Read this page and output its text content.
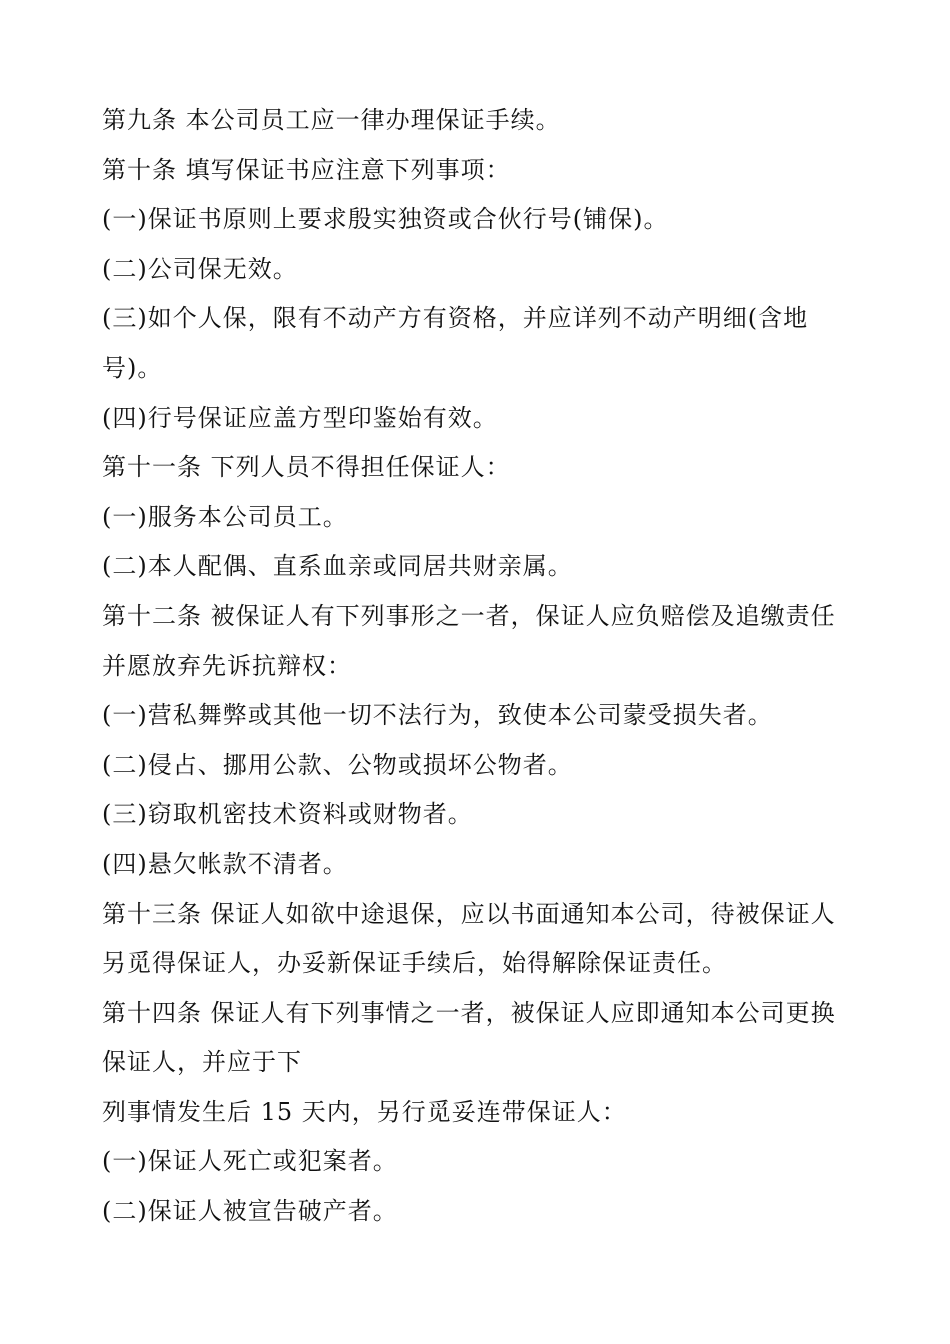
第九条 本公司员工应一律办理保证手续。
第十条 填写保证书应注意下列事项：
(一)保证书原则上要求殷实独资或合伙行号(铺保)。
(二)公司保无效。
(三)如个人保，限有不动产方有资格，并应详列不动产明细(含地
号)。
(四)行号保证应盖方型印鉴始有效。
第十一条 下列人员不得担任保证人：
(一)服务本公司员工。
(二)本人配偶、直系血亲或同居共财亲属。
第十二条 被保证人有下列事形之一者，保证人应负赔偿及追缴责任
并愿放弃先诉抗辩权：
(一)营私舞弊或其他一切不法行为，致使本公司蒙受损失者。
(二)侵占、挪用公款、公物或损坏公物者。
(三)窃取机密技术资料或财物者。
(四)悬欠帐款不清者。
第十三条 保证人如欲中途退保，应以书面通知本公司，待被保证人
另觅得保证人，办妥新保证手续后，始得解除保证责任。
第十四条 保证人有下列事情之一者，被保证人应即通知本公司更换
保证人，并应于下
列事情发生后 15 天内，另行觅妥连带保证人：
(一)保证人死亡或犯案者。
(二)保证人被宣告破产者。
